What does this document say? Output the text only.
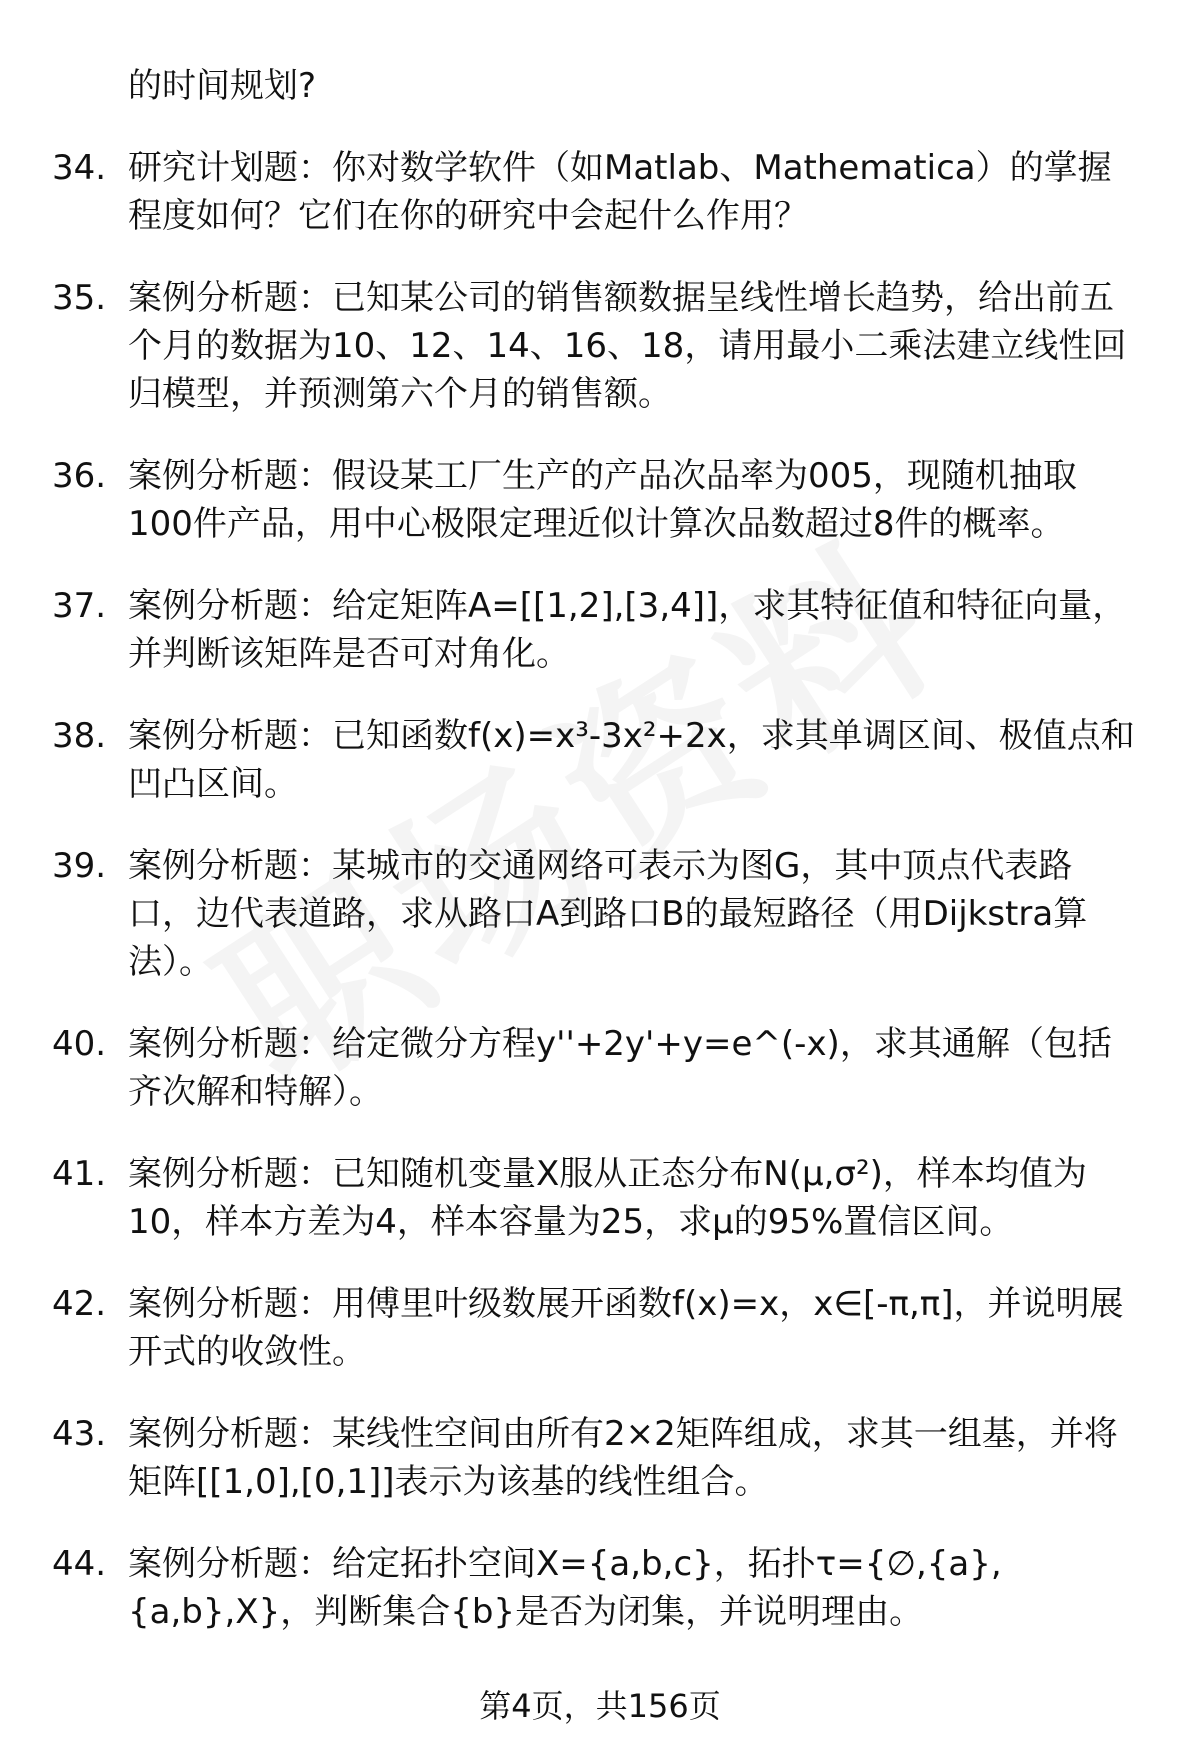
的时间规划?
34. 研究计划题：你对数学软件（如Matlab、Mathematica）的掌握程度如何？它们在你的研究中会起什么作用？
35. 案例分析题：已知某公司的销售额数据呈线性增长趋势，给出前五个月的数据为10、12、14、16、18，请用最小二乘法建立线性回归模型，并预测第六个月的销售额。
36. 案例分析题：假设某工厂生产的产品次品率为005，现随机抽取100件产品，用中心极限定理近似计算次品数超过8件的概率。
37. 案例分析题：给定矩阵A=[[1,2],[3,4]]，求其特征值和特征向量，并判断该矩阵是否可对角化。
38. 案例分析题：已知函数f(x)=x³-3x²+2x，求其单调区间、极值点和凹凸区间。
39. 案例分析题：某城市的交通网络可表示为图G，其中顶点代表路口，边代表道路，求从路口A到路口B的最短路径（用Dijkstra算法）。
40. 案例分析题：给定微分方程y''+2y'+y=e^(-x)，求其通解（包括齐次解和特解）。
41. 案例分析题：已知随机变量X服从正态分布N(μ,σ²)，样本均值为10，样本方差为4，样本容量为25，求μ的95%置信区间。
42. 案例分析题：用傅里叶级数展开函数f(x)=x，x∈[-π,π]，并说明展开式的收敛性。
43. 案例分析题：某线性空间由所有2×2矩阵组成，求其一组基，并将矩阵[[1,0],[0,1]]表示为该基的线性组合。
44. 案例分析题：给定拓扑空间X={a,b,c}，拓扑τ={∅,{a},{a,b},X}，判断集合{b}是否为闭集，并说明理由。
第4页，共156页
